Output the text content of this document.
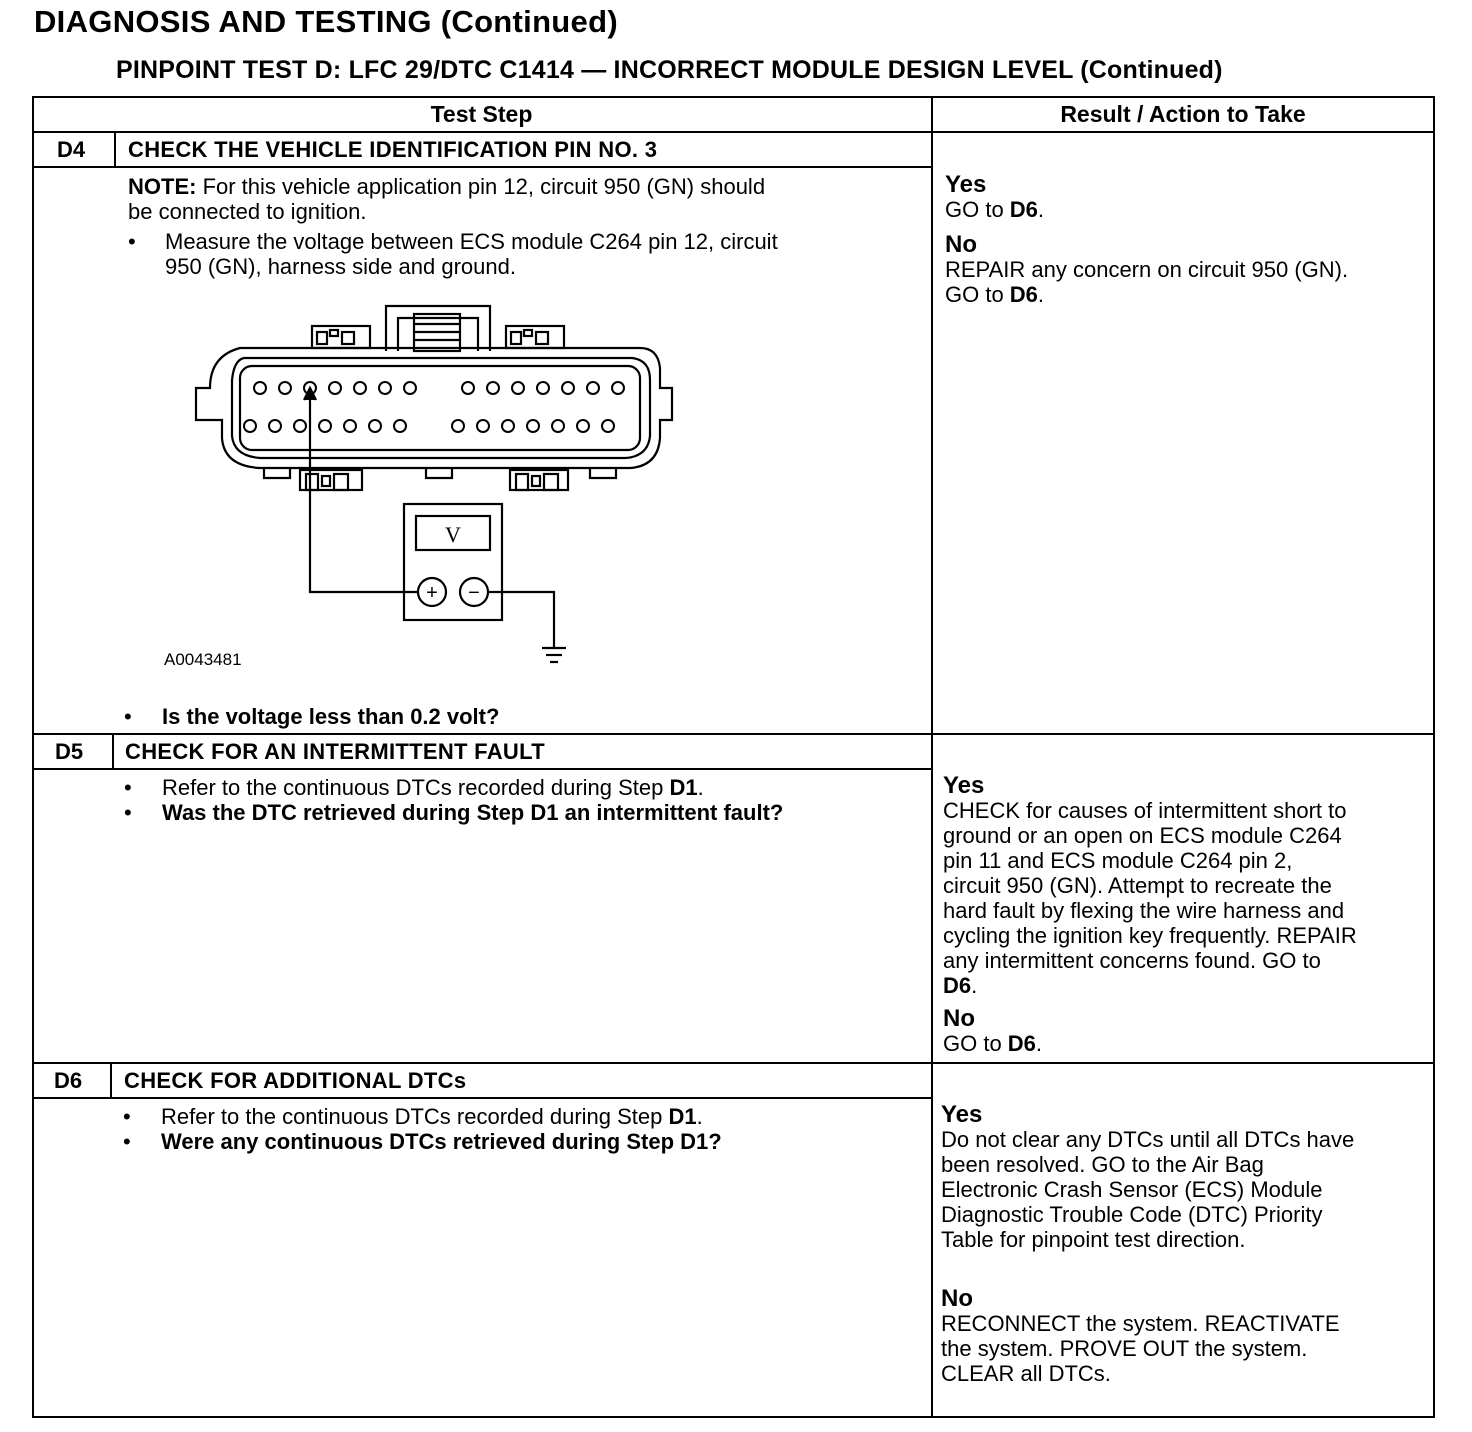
DIAGNOSIS AND TESTING (Continued)
PINPOINT TEST D: LFC 29/DTC C1414 — INCORRECT MODULE DESIGN LEVEL (Continued)
Test Step	Result / Action to Take
D4 CHECK THE VEHICLE IDENTIFICATION PIN NO. 3
NOTE: For this vehicle application pin 12, circuit 950 (GN) should
be connected to ignition.
• Measure the voltage between ECS module C264 pin 12, circuit
950 (GN), harness side and ground.
V
+ −
A0043481
• Is the voltage less than 0.2 volt?
Yes
GO to D6.
No
REPAIR any concern on circuit 950 (GN).
GO to D6.
D5 CHECK FOR AN INTERMITTENT FAULT
• Refer to the continuous DTCs recorded during Step D1.
• Was the DTC retrieved during Step D1 an intermittent fault?
Yes
CHECK for causes of intermittent short to
ground or an open on ECS module C264
pin 11 and ECS module C264 pin 2,
circuit 950 (GN). Attempt to recreate the
hard fault by flexing the wire harness and
cycling the ignition key frequently. REPAIR
any intermittent concerns found. GO to
D6.
No
GO to D6.
D6 CHECK FOR ADDITIONAL DTCs
• Refer to the continuous DTCs recorded during Step D1.
• Were any continuous DTCs retrieved during Step D1?
Yes
Do not clear any DTCs until all DTCs have
been resolved. GO to the Air Bag
Electronic Crash Sensor (ECS) Module
Diagnostic Trouble Code (DTC) Priority
Table for pinpoint test direction.
No
RECONNECT the system. REACTIVATE
the system. PROVE OUT the system.
CLEAR all DTCs.
